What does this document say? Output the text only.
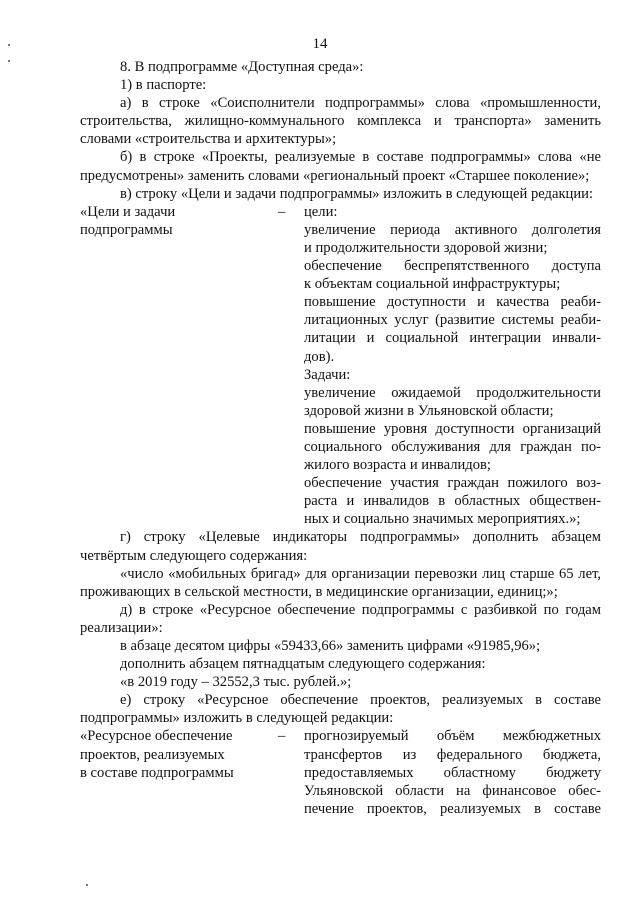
14

8. В подпрограмме «Доступная среда»:

1) в паспорте:

а) в строке «Соисполнители подпрограммы» слова «промышленности, строительства, жилищно-коммунального комплекса и транспорта» заменить словами «строительства и архитектуры»;

б) в строке «Проекты, реализуемые в составе подпрограммы» слова «не предусмотрены» заменить словами «региональный проект «Старшее поколение»;

в) строку «Цели и задачи подпрограммы» изложить в следующей редакции:

«Цели и задачи
подпрограммы
–	цели:
увеличение периода активного долголетия
и продолжительности здоровой жизни;
обеспечение беспрепятственного доступа
к объектам социальной инфраструктуры;
повышение доступности и качества реаби-
литационных услуг (развитие системы реаби-
литации и социальной интеграции инвали-
дов).
Задачи:
увеличение ожидаемой продолжительности
здоровой жизни в Ульяновской области;
повышение уровня доступности организаций
социального обслуживания для граждан по-
жилого возраста и инвалидов;
обеспечение участия граждан пожилого воз-
раста и инвалидов в областных обществен-
ных и социально значимых мероприятиях.»;

г) строку «Целевые индикаторы подпрограммы» дополнить абзацем четвёртым следующего содержания:

«число «мобильных бригад» для организации перевозки лиц старше 65 лет, проживающих в сельской местности, в медицинские организации, единиц;»;

д) в строке «Ресурсное обеспечение подпрограммы с разбивкой по годам реализации»:

в абзаце десятом цифры «59433,66» заменить цифрами «91985,96»;

дополнить абзацем пятнадцатым следующего содержания:

«в 2019 году – 32552,3 тыс. рублей.»;

е) строку «Ресурсное обеспечение проектов, реализуемых в составе подпрограммы» изложить в следующей редакции:

«Ресурсное обеспечение
проектов, реализуемых
в составе подпрограммы
–	прогнозируемый объём межбюджетных
трансфертов из федерального бюджета,
предоставляемых областному бюджету
Ульяновской области на финансовое обес-
печение проектов, реализуемых в составе
